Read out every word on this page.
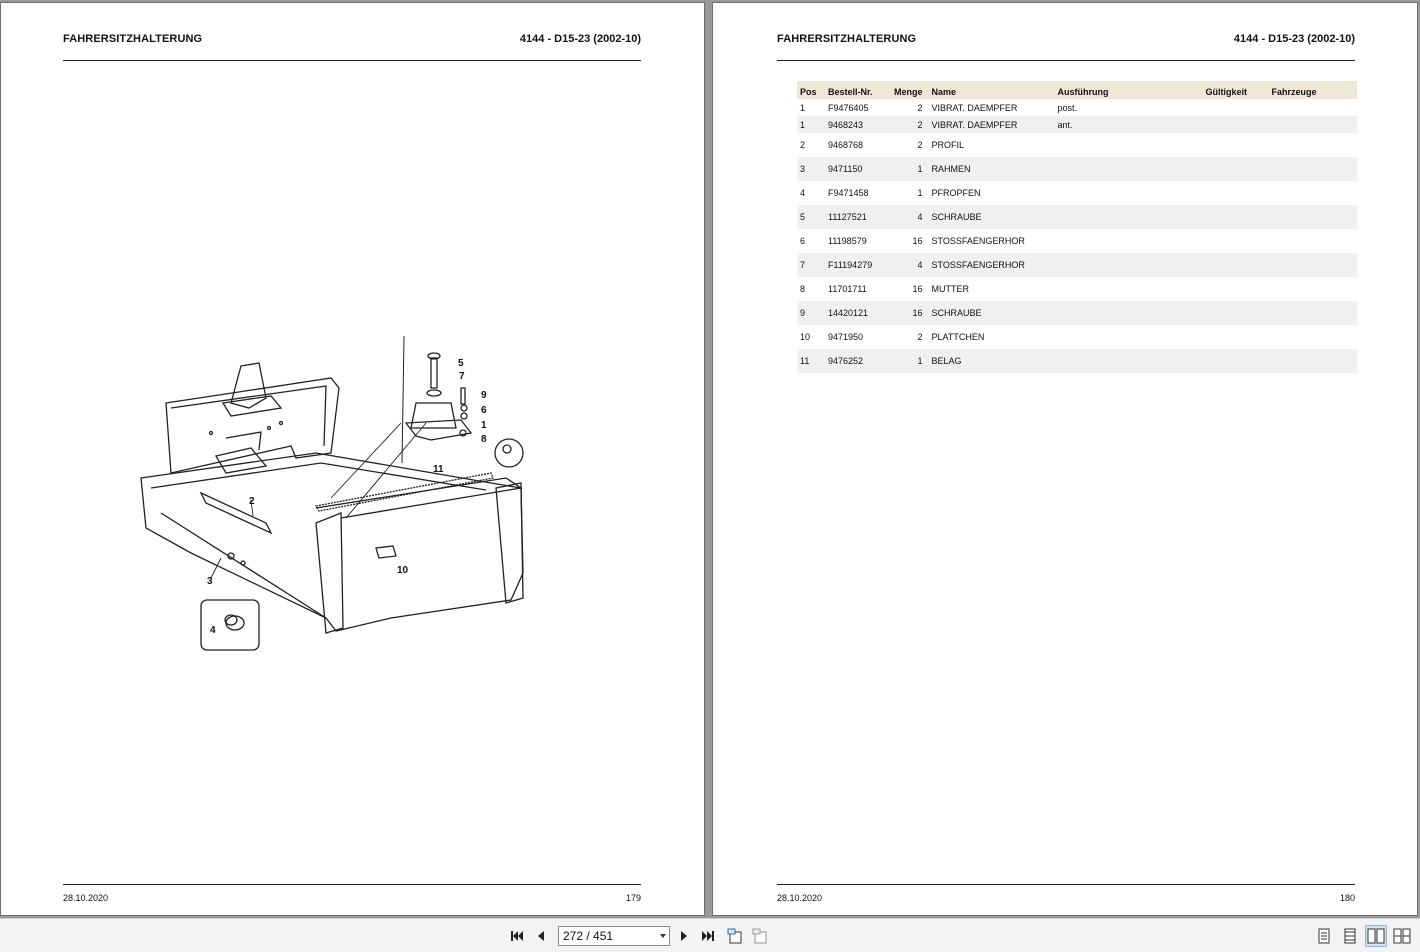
FAHRERSITZHALTERUNG	4144 - D15-23 (2002-10)
5
7
9
6
1
8
11
2
10
3
4
28.10.2020	179
FAHRERSITZHALTERUNG	4144 - D15-23 (2002-10)
Pos	Bestell-Nr.	Menge	Name	Ausführung	Gültigkeit	Fahrzeuge
1	F9476405	2	VIBRAT. DAEMPFER	post.		
1	9468243	2	VIBRAT. DAEMPFER	ant.		
2	9468768	2	PROFIL			
3	9471150	1	RAHMEN			
4	F9471458	1	PFROPFEN			
5	11127521	4	SCHRAUBE			
6	11198579	16	STOSSFAENGERHOR			
7	F11194279	4	STOSSFAENGERHOR			
8	11701711	16	MUTTER			
9	14420121	16	SCHRAUBE			
10	9471950	2	PLATTCHEN			
11	9476252	1	BELAG			
28.10.2020	180
272 / 451
